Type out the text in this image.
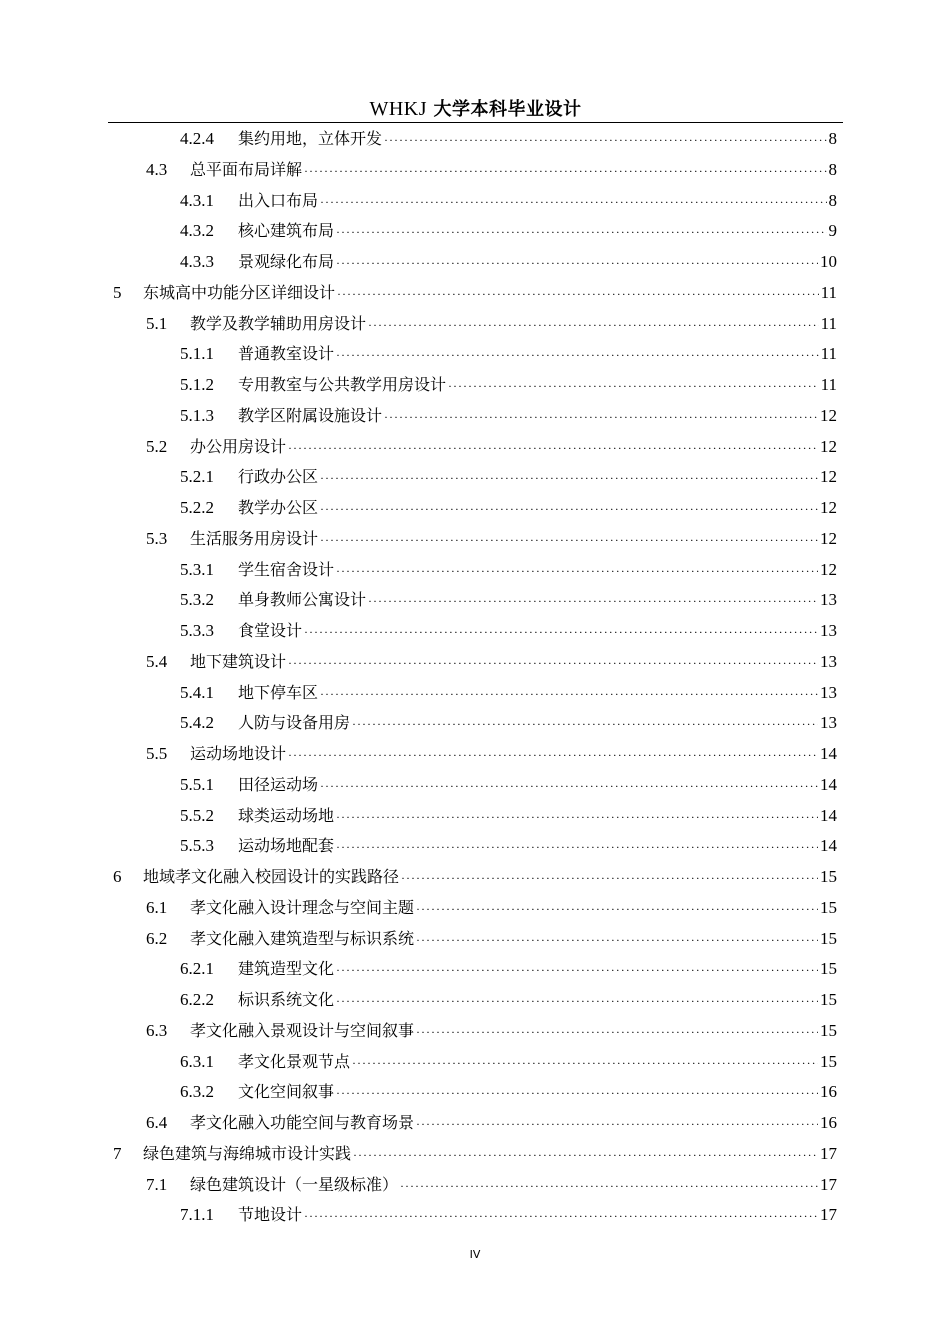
WHKJ 大学本科毕业设计
4.2.4	集约用地，立体开发 ·····	8
4.3	总平面布局详解 ·····	8
4.3.1	出入口布局 ·····	8
4.3.2	核心建筑布局 ·····	9
4.3.3	景观绿化布局 ·····	10
5	东城高中功能分区详细设计 ·····	11
5.1	教学及教学辅助用房设计 ·····	11
5.1.1	普通教室设计 ·····	11
5.1.2	专用教室与公共教学用房设计 ·····	11
5.1.3	教学区附属设施设计 ·····	12
5.2	办公用房设计 ·····	12
5.2.1	行政办公区 ·····	12
5.2.2	教学办公区 ·····	12
5.3	生活服务用房设计 ·····	12
5.3.1	学生宿舍设计 ·····	12
5.3.2	单身教师公寓设计 ·····	13
5.3.3	食堂设计 ·····	13
5.4	地下建筑设计 ·····	13
5.4.1	地下停车区 ·····	13
5.4.2	人防与设备用房 ·····	13
5.5	运动场地设计 ·····	14
5.5.1	田径运动场 ·····	14
5.5.2	球类运动场地 ·····	14
5.5.3	运动场地配套 ·····	14
6	地域孝文化融入校园设计的实践路径 ·····	15
6.1	孝文化融入设计理念与空间主题 ·····	15
6.2	孝文化融入建筑造型与标识系统 ·····	15
6.2.1	建筑造型文化 ·····	15
6.2.2	标识系统文化 ·····	15
6.3	孝文化融入景观设计与空间叙事 ·····	15
6.3.1	孝文化景观节点 ·····	15
6.3.2	文化空间叙事 ·····	16
6.4	孝文化融入功能空间与教育场景 ·····	16
7	绿色建筑与海绵城市设计实践 ·····	17
7.1	绿色建筑设计（一星级标准） ·····	17
7.1.1	节地设计 ·····	17
IV
